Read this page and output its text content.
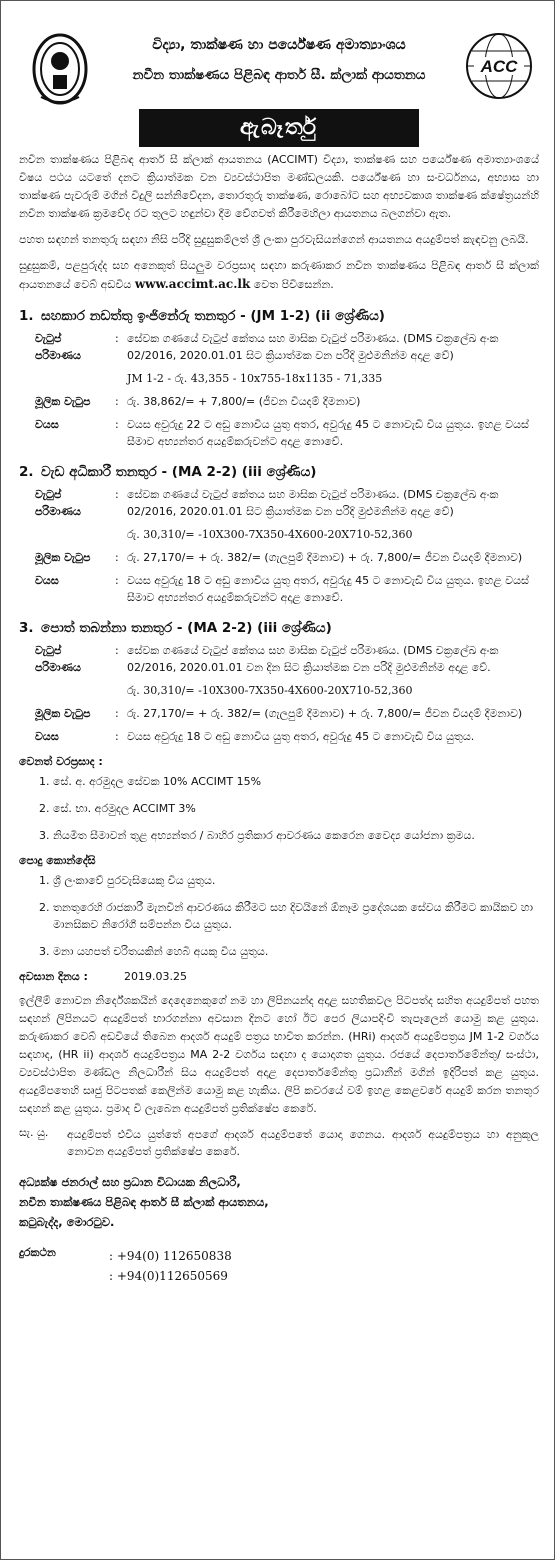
විද්‍යා, තාක්ෂණ හා පර්යේෂණ අමාත්‍යාංශය
නවීන තාක්ෂණය පිළිබඳ ආතර් සී. ක්ලාක් ආයතනය	ACC
ඇබෑර්තු

නවීන තාක්ෂණය පිළිබඳ ආතර් සී ක්ලාක් ආයතනය (ACCIMT) විද්‍යා, තාක්ෂණ සහ පර්යේෂණ අමාත්‍යාංශයේ විෂය පථය යටතේ දනට ක්‍රියාත්මක වන ව්‍යවස්ථාපිත මණ්ඩලයකි. පර්යේෂණ හා සංවර්ධනය, අභ්‍යාස හා තාක්ෂණ පැවරුම් මගින් විදුලි සන්නිවේදන, තොරතුරු තාක්ෂණ, රොබෝට සහ අභ්‍යවකාශ තාක්ෂණ ක්ෂේත්‍රයන්හි නවීන තාක්ෂණ ක්‍රමවේද රට තුලට හඳුන්වා දීම වේගවත් කිරීමෙහිලා ආයතනය බලගන්වා ඇත.

පහත සඳහන් තනතුරු සඳහා නිසි පරිදි සුදුසුකම්ලත් ශ්‍රී ලංකා පුරවැසියන්ගෙන් ආයතනය අයදුම්පත් කැඳවනු ලබයි.

සුදුසුකම්, පළපුරුද්ද සහ අනෙකුත් සියලුම වරප්‍රසාද සඳහා කරුණාකර නවීන තාක්ෂණය පිළිබඳ ආතර් සී ක්ලාක් ආයතනයේ වෙබ් අඩවිය www.accimt.ac.lk වෙත පිවිසෙන්න.

1. සහකාර නඩත්තු ඉංජිනේරු තනතුර - (JM 1-2) (ii ශ්‍රේණිය)
වැටුප් පරිමාණය
: සේවක ගණයේ වැටුප් කේතය සහ මාසික වැටුප් පරිමාණය. (DMS චක්‍රලේඛ අංක 02/2016, 2020.01.01 සිට ක්‍රියාත්මක වන පරිදි මුළුමනින්ම අදාළ වේ)
JM 1-2 - රු. 43,355 - 10x755-18x1135 - 71,335
මූලික වැටුප	: රු. 38,862/= + 7,800/= (ජීවන වියදම් දීමනාව)
වයස	: වයස අවුරුදු 22 ට අඩු නොවිය යුතු අතර, අවුරුදු 45 ට නොවැඩි විය යුතුය. ඉහළ වයස් සීමාව අභ්‍යන්තර අයදුම්කරුවන්ට අදාළ නොවේ.
2. වැඩ අධිකාරී තනතුර - (MA 2-2) (iii ශ්‍රේණිය)
වැටුප් පරිමාණය
: සේවක ගණයේ වැටුප් කේතය සහ මාසික වැටුප් පරිමාණය. (DMS චක්‍රලේඛ අංක 02/2016, 2020.01.01 සිට ක්‍රියාත්මක වන පරිදි මුළුමනින්ම අදාළ වේ)
රු. 30,310/= -10X300-7X350-4X600-20X710-52,360
මූලික වැටුප	: රු. 27,170/= + රු. 382/= (ගැලපුම් දීමනාව) + රු. 7,800/= ජීවන වියදම් දීමනාව)
වයස	: වයස අවුරුදු 18 ට අඩු නොවිය යුතු අතර, අවුරුදු 45 ට නොවැඩි විය යුතුය. ඉහළ වයස් සීමාව අභ්‍යන්තර අයදුම්කරුවන්ට අදාළ නොවේ.
3. පොත් තබන්නා තනතුර - (MA 2-2) (iii ශ්‍රේණිය)
වැටුප් පරිමාණය
: සේවක ගණයේ වැටුප් කේතය සහ මාසික වැටුප් පරිමාණය. (DMS චක්‍රලේඛ අංක 02/2016, 2020.01.01 වන දින සිට ක්‍රියාත්මක වන පරිදි මුළුමනින්ම අදාළ වේ.
රු. 30,310/= -10X300-7X350-4X600-20X710-52,360
මූලික වැටුප	: රු. 27,170/= + රු. 382/= (ගැලපුම් දීමනාව) + රු. 7,800/= ජීවන වියදම් දීමනාව)
වයස	: වයස අවුරුදු 18 ට අඩු නොවිය යුතු අතර, අවුරුදු 45 ට නොවැඩි විය යුතුය.
වෙනත් වරප්‍රසාද :
1. සේ. අ. අරමුදල සේවක 10% ACCIMT 15%
2. සේ. භා. අරමුදල ACCIMT 3%
3. නියමිත සීමාවන් තුළ අභ්‍යන්තර / බාහිර ප්‍රතිකාර ආවරණය කෙරෙන වෛද්‍ය යෝජනා ක්‍රමය.
පොදු කොන්දේසි
1. ශ්‍රී ලංකාවේ පුරවැසියෙකු විය යුතුය.
2. තනතුරෙහි රාජකාරී මැනවින් ආවරණය කිරීමට සහ දිවයිනේ ඕනෑම ප්‍රදේශයක සේවය කිරීමට කායිකව හා මානසිකව නිරෝගී සම්පන්න විය යුතුය.
3. මනා යහපත් චරිතයකින් හෙබි අයකු විය යුතුය.
අවසාන දිනය :	2019.03.25

ඉල්ලීම් නොවන නිර්දේශකයින් දෙදෙනෙකුගේ නම හා ලිපිනයන්ද අදාළ සහතිකවල පිටපත්ද සහිත අයදුම්පත් පහත සඳහන් ලිපිනයට අයදුම්පත් භාරගන්නා අවසාන දිනට හෝ ඊට පෙර ලියාපදිංචි තැපෑලෙන් යොමු කළ යුතුය. කරුණාකර වෙබ් අඩවියේ තිබෙන ආදර්ශ අයදුම් පත්‍රය භාවිත කරන්න. (HRi) ආදර්ශ අයදුම්පත්‍රය JM 1-2 වර්ගය සඳහාද, (HR ii) ආදර්ශ අයදුම්පත්‍රය MA 2-2 වර්ගය සඳහා ද යොදාගත යුතුය. රජයේ දෙපාර්තමේන්තු/ සංස්ථා, ව්‍යවස්ථාපිත මණ්ඩල නිලධාරීන් සිය අයදුම්පත් අදාළ දෙපාර්තමේන්තු ප්‍රධානීන් මගින් ඉදිරිපත් කළ යුතුය. අයදුම්පතෙහි සෘජු පිටපතක් කෙලින්ම යොමු කළ හැකිය. ලිපි කවරයේ වම් ඉහළ කෙළවරේ අයදුම් කරන තනතුර සඳහන් කළ යුතුය. ප්‍රමාද වී ලැබෙන අයදුම්පත් ප්‍රතික්ෂේප කෙරේ.

සැ. යු.	අයදුම්පත් එවිය යුත්තේ අපගේ ආදර්ශ අයදුම්පතේ යොදා ගෙනය. ආදර්ශ අයදුම්පත්‍රය හා අනුකූල නොවන අයදුම්පත් ප්‍රතික්ෂේප කෙරේ.
අධ්‍යක්ෂ ජනරාල් සහ ප්‍රධාන විධායක නිලධාරී,
නවීන තාක්ෂණය පිළිබඳ ආතර් සී ක්ලාක් ආයතනය,
කටුබැද්ද, මොරටුව.
දුරකථන	: +94(0) 112650838
: +94(0)112650569
